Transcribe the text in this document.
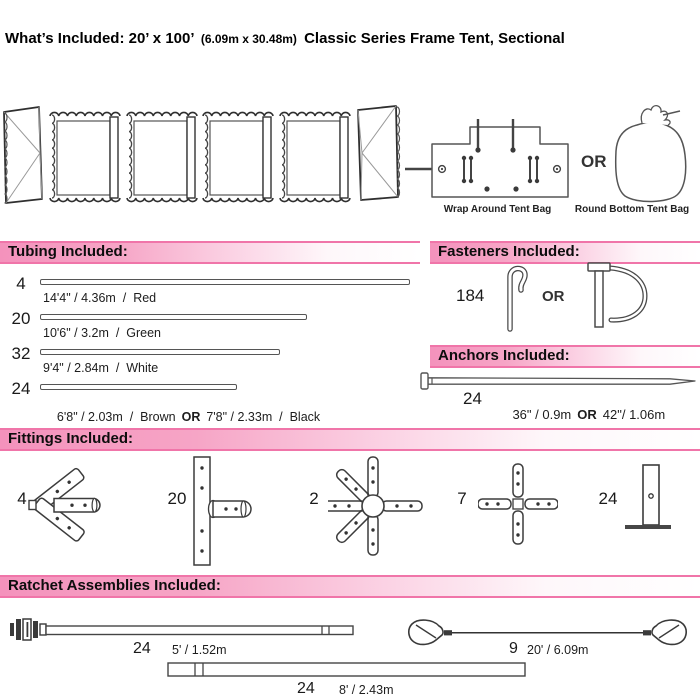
What’s Included: 20’ x 100’ (6.09m x 30.48m) Classic Series Frame Tent, Sectional
Wrap Around Tent Bag
OR
Round Bottom Tent Bag
Tubing Included:
4
14'4" / 4.36m  /  Red
20
10'6" / 3.2m  /  Green
32
9'4" / 2.84m  /  White
24

6'8" / 2.03m  /  Brown OR 7'8" / 2.33m  /  Black

Fasteners Included:
184	OR
Anchors Included:
24

36" / 0.9m OR 42"/ 1.06m

Fittings Included:
4	20	2	7	24
Ratchet Assemblies Included:
24 5' / 1.52m	9 20' / 6.09m
24 8' / 2.43m
